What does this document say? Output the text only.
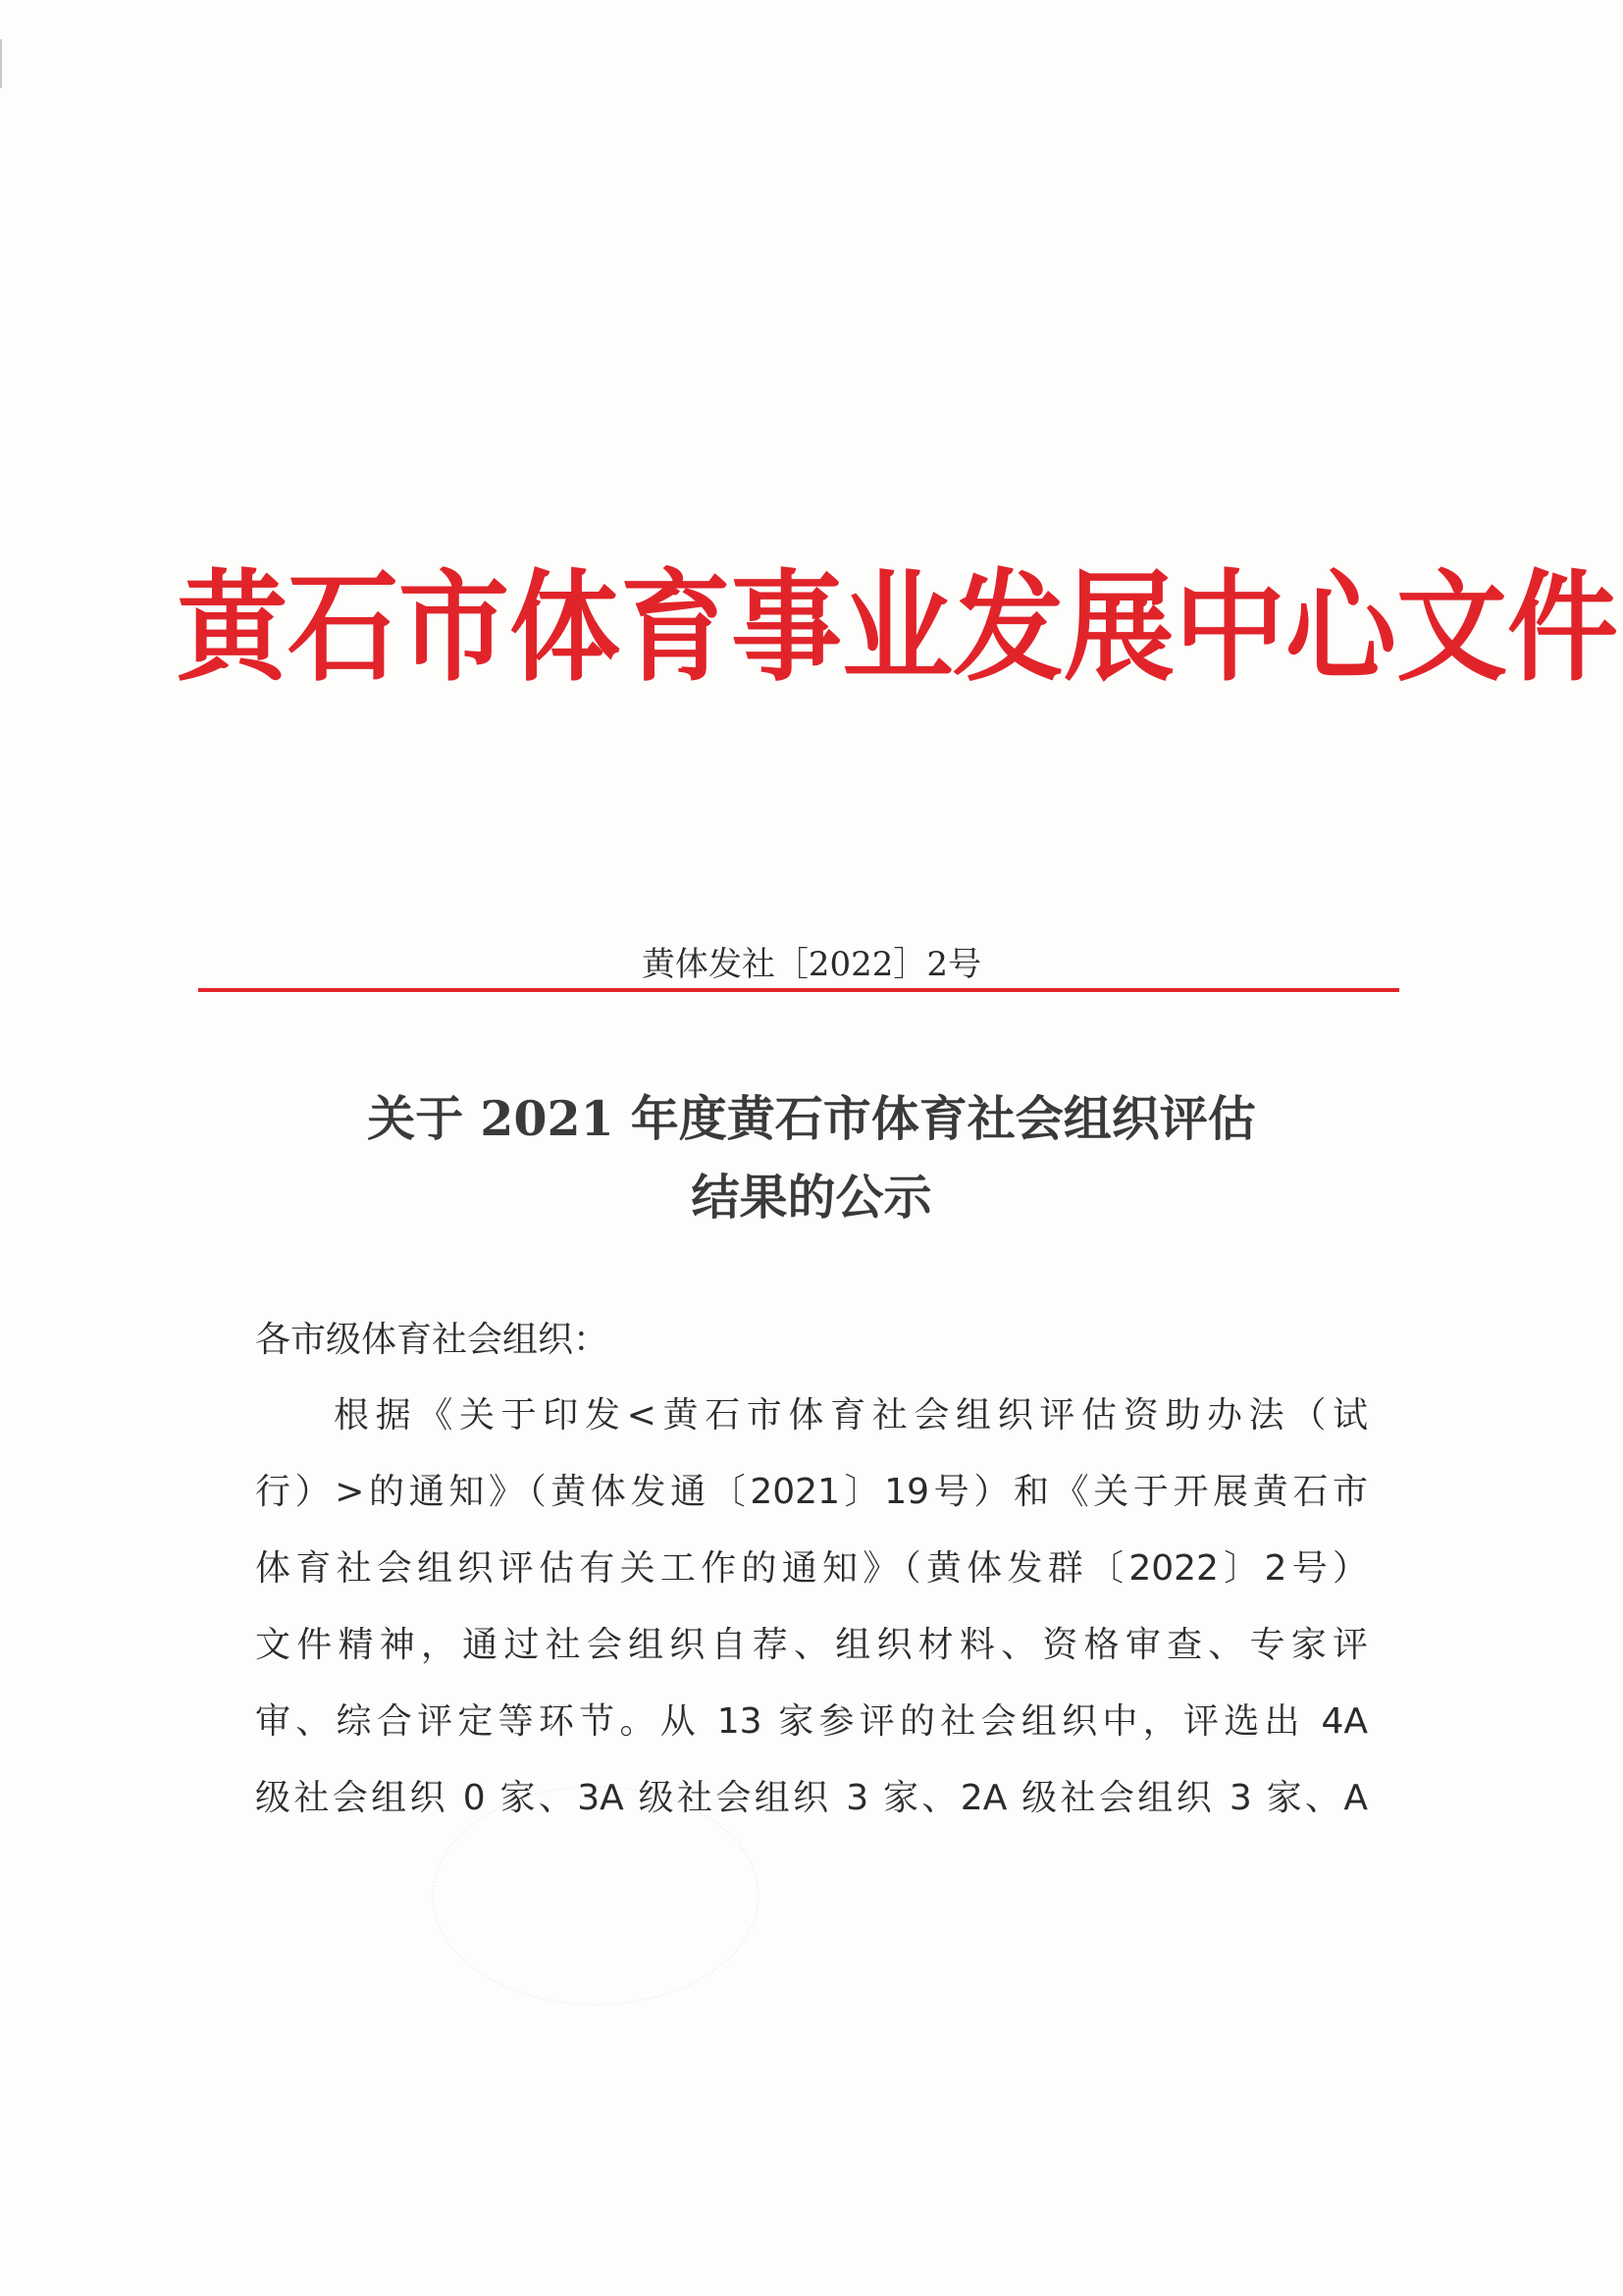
黄石市体育事业发展中心文件
黄体发社［2022］2号
关于 2021 年度黄石市体育社会组织评估
结果的公示
各市级体育社会组织：
根据《关于印发<黄石市体育社会组织评估资助办法（试
行）>的通知》（黄体发通〔2021〕19号）和《关于开展黄石市
体育社会组织评估有关工作的通知》（黄体发群〔2022〕2号）
文件精神，通过社会组织自荐、组织材料、资格审查、专家评
审、综合评定等环节。从 13 家参评的社会组织中，评选出 4A
级社会组织 0 家、3A 级社会组织 3 家、2A 级社会组织 3 家、A
